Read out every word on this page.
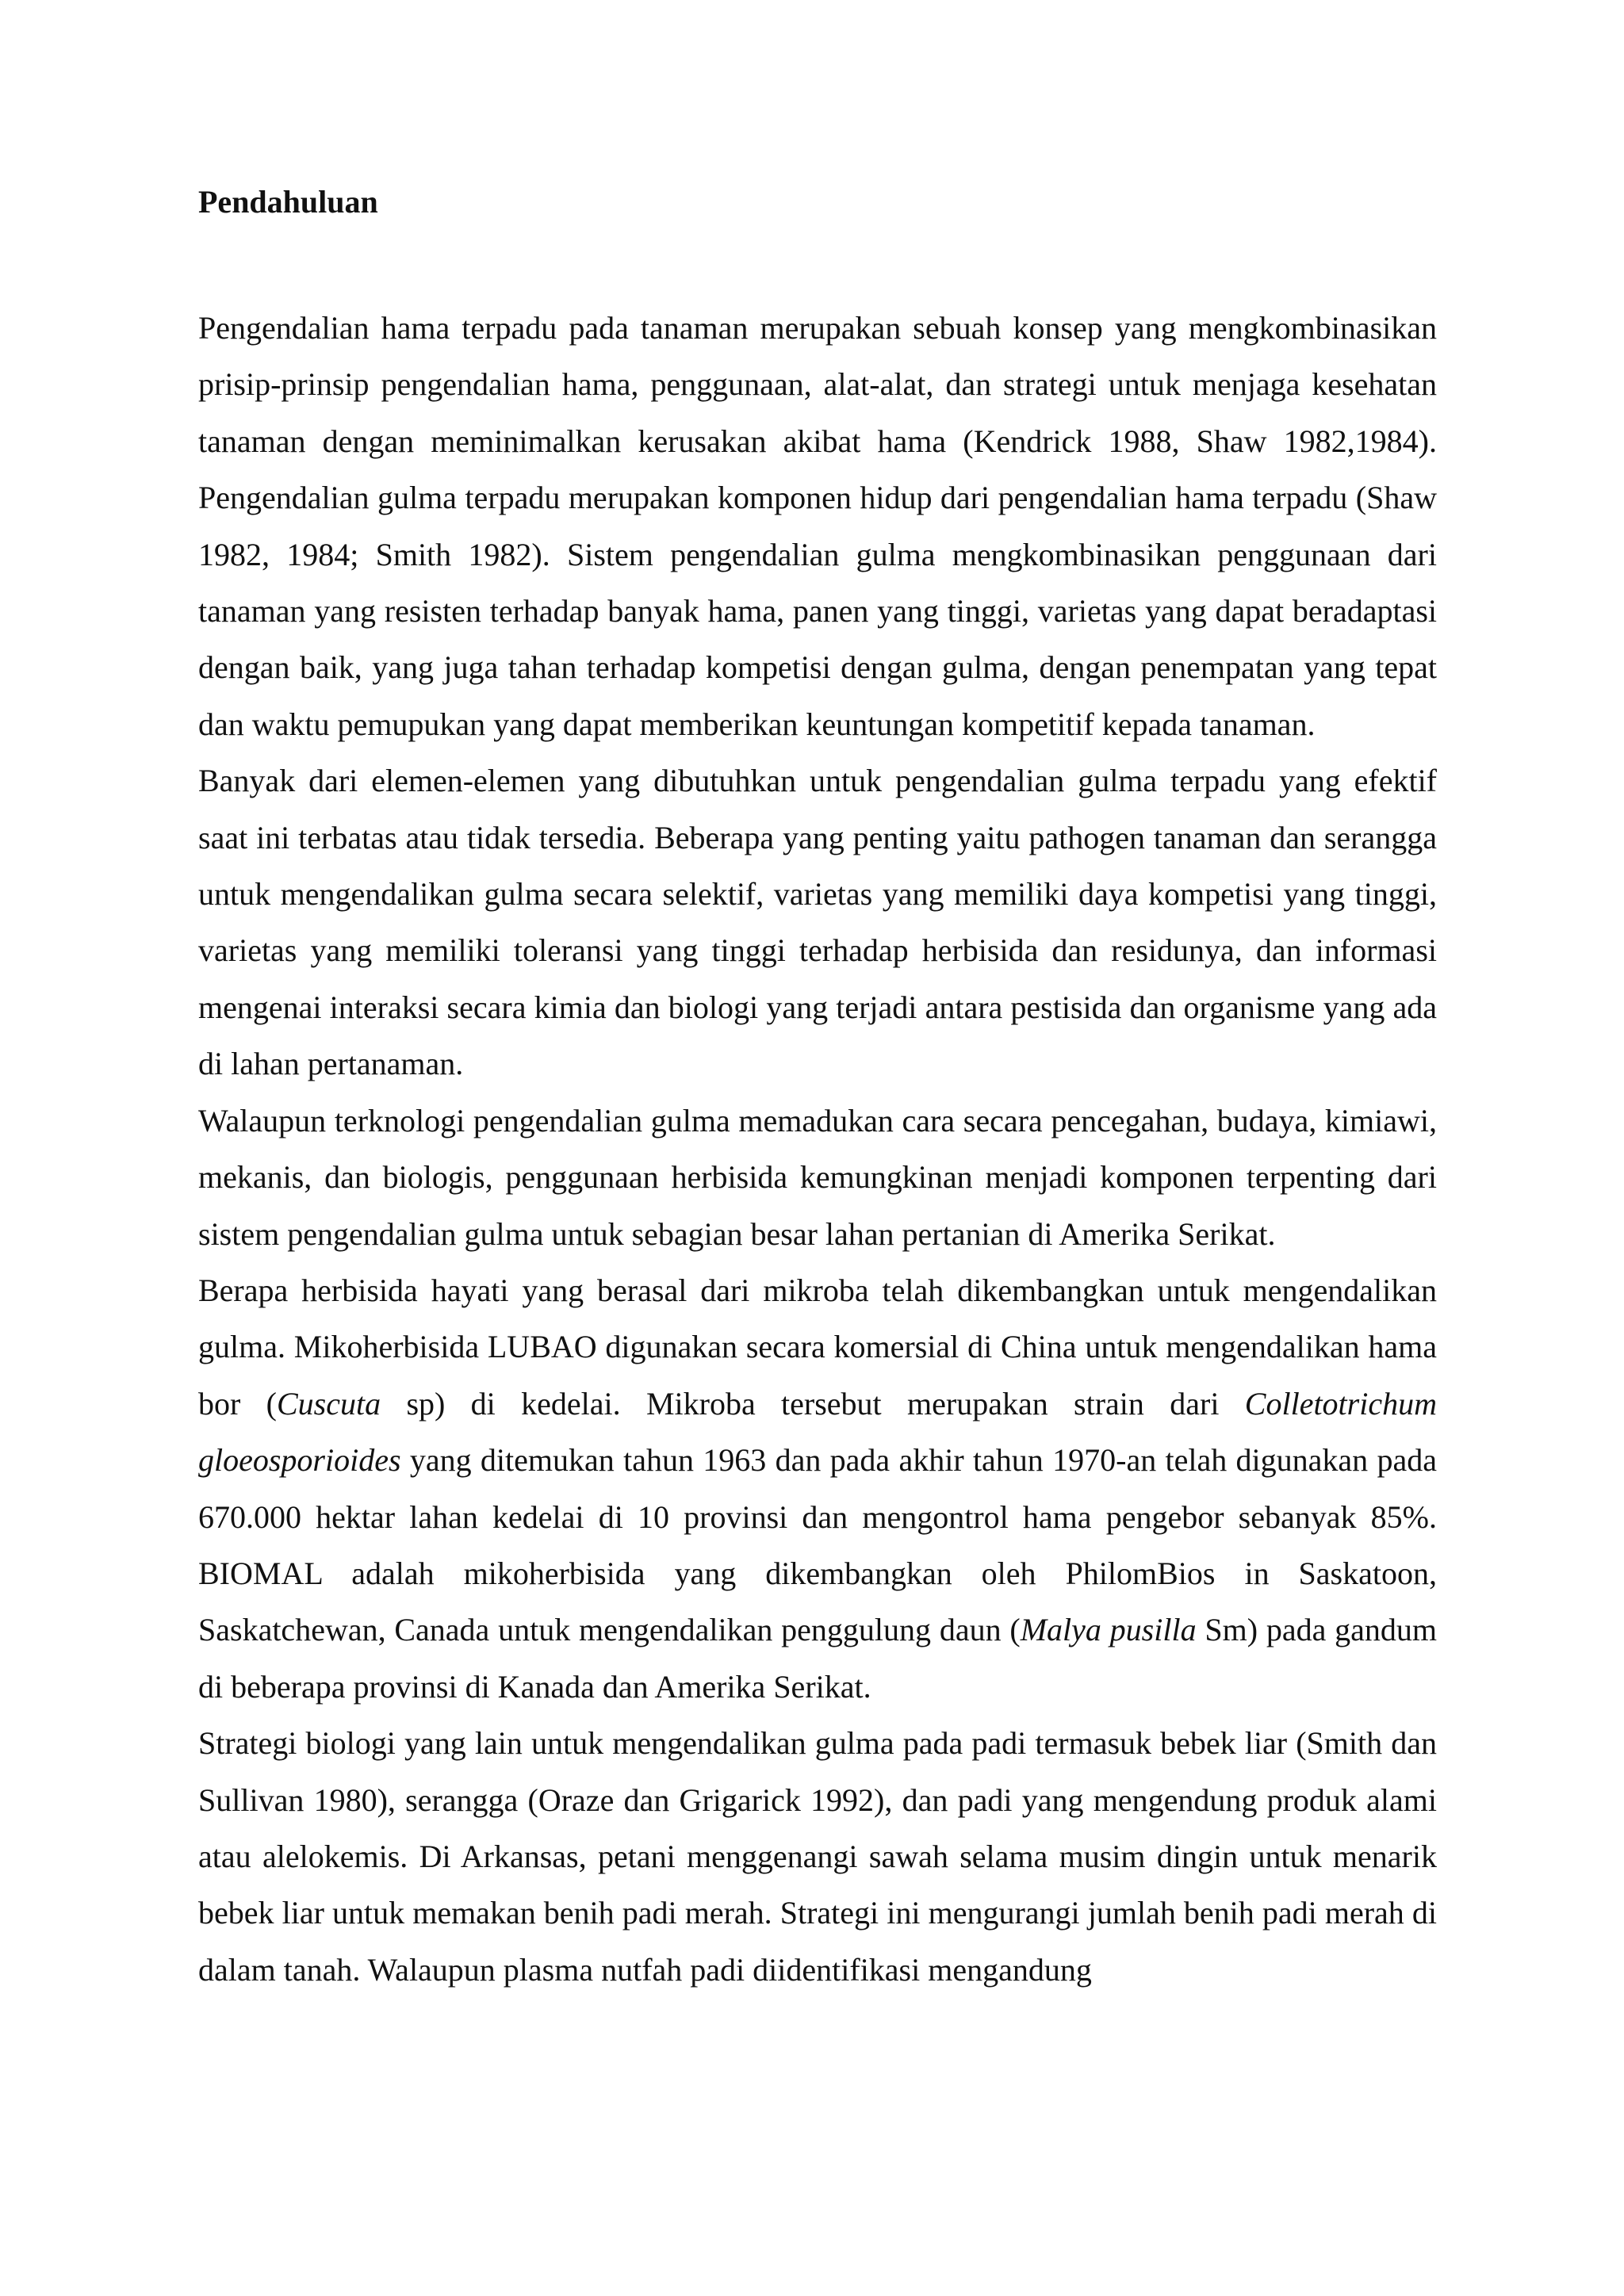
Pendahuluan

Pengendalian hama terpadu pada tanaman merupakan sebuah konsep yang mengkombinasikan prisip-prinsip pengendalian hama, penggunaan, alat-alat, dan strategi untuk menjaga kesehatan tanaman dengan meminimalkan kerusakan akibat hama (Kendrick 1988, Shaw 1982,1984). Pengendalian gulma terpadu merupakan komponen hidup dari pengendalian hama terpadu (Shaw 1982, 1984; Smith 1982). Sistem pengendalian gulma mengkombinasikan penggunaan dari tanaman yang resisten terhadap banyak hama, panen yang tinggi, varietas yang dapat beradaptasi dengan baik, yang juga tahan terhadap kompetisi dengan gulma, dengan penempatan yang tepat dan waktu pemupukan yang dapat memberikan keuntungan kompetitif kepada tanaman.

Banyak dari elemen-elemen yang dibutuhkan untuk pengendalian gulma terpadu yang efektif saat ini terbatas atau tidak tersedia. Beberapa yang penting yaitu pathogen tanaman dan serangga untuk mengendalikan gulma secara selektif, varietas yang memiliki daya kompetisi yang tinggi, varietas yang memiliki toleransi yang tinggi terhadap herbisida dan residunya, dan informasi mengenai interaksi secara kimia dan biologi yang terjadi antara pestisida dan organisme yang ada di lahan pertanaman.

Walaupun terknologi pengendalian gulma memadukan cara secara pencegahan, budaya, kimiawi, mekanis, dan biologis, penggunaan herbisida kemungkinan menjadi komponen terpenting dari sistem pengendalian gulma untuk sebagian besar lahan pertanian di Amerika Serikat.

Berapa herbisida hayati yang berasal dari mikroba telah dikembangkan untuk mengendalikan gulma. Mikoherbisida LUBAO digunakan secara komersial di China untuk mengendalikan hama bor (Cuscuta sp) di kedelai. Mikroba tersebut merupakan strain dari Colletotrichum gloeosporioides yang ditemukan tahun 1963 dan pada akhir tahun 1970-an telah digunakan pada 670.000 hektar lahan kedelai di 10 provinsi dan mengontrol hama pengebor sebanyak 85%. BIOMAL adalah mikoherbisida yang dikembangkan oleh PhilomBios in Saskatoon, Saskatchewan, Canada untuk mengendalikan penggulung daun (Malya pusilla Sm) pada gandum di beberapa provinsi di Kanada dan Amerika Serikat.

Strategi biologi yang lain untuk mengendalikan gulma pada padi termasuk bebek liar (Smith dan Sullivan 1980), serangga (Oraze dan Grigarick 1992), dan padi yang mengendung produk alami atau alelokemis. Di Arkansas, petani menggenangi sawah selama musim dingin untuk menarik bebek liar untuk memakan benih padi merah. Strategi ini mengurangi jumlah benih padi merah di dalam tanah. Walaupun plasma nutfah padi diidentifikasi mengandung
